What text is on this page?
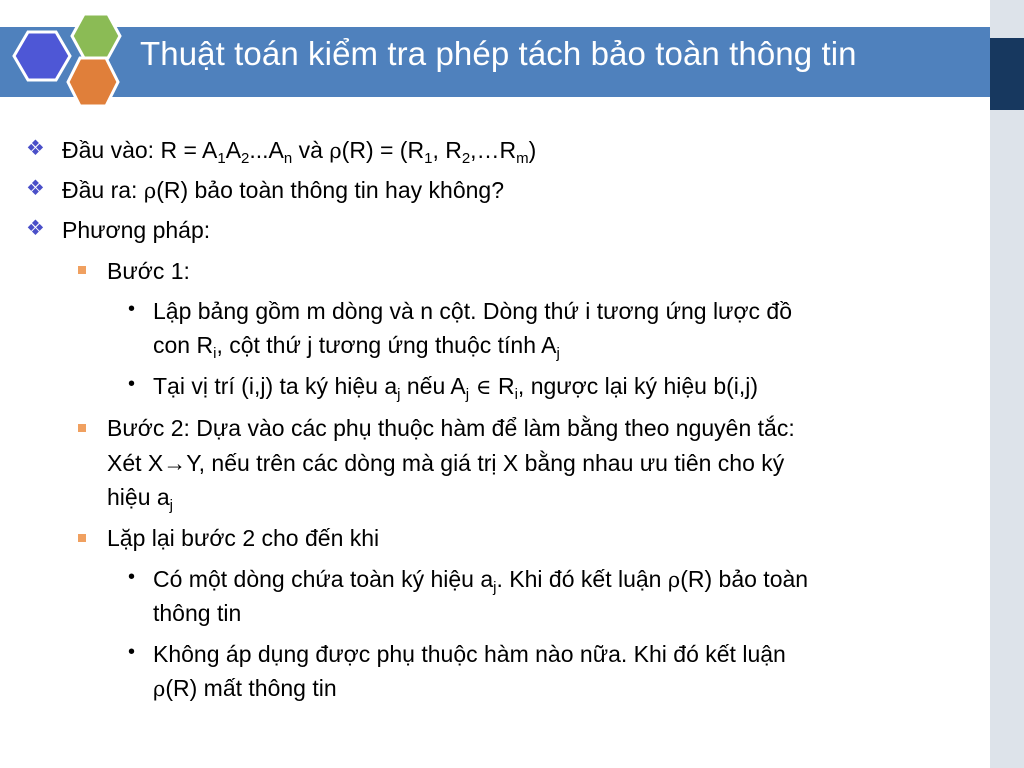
Thuật toán kiểm tra phép tách bảo toàn thông tin
❖ Đầu vào: $R = A_1A_2...A_n$ và $\rho(R) = (R_1$, $R_2,\dots R_m$)
❖ Đầu ra: ρ(R) bảo toàn thông tin hay không?
❖ Phương pháp:
Bước 1:
• Lập bảng gồm m dòng và n cột. Dòng thứ i tương ứng lược đồ
con $R_i$, cột thứ j tương ứng thuộc tính $A_j$
• Tại vị trí (i,j) ta ký hiệu $a_j$ nếu $A_j$ ∈ $R_i$, ngược lại ký hiệu b(i,j)
Bước 2: Dựa vào các phụ thuộc hàm để làm bằng theo nguyên tắc:
Xét X→Y, nếu trên các dòng mà giá trị X bằng nhau ưu tiên cho ký
hiệu $a_j$
Lặp lại bước 2 cho đến khi
• Có một dòng chứa toàn ký hiệu $a_j$. Khi đó kết luận ρ(R) bảo toàn
thông tin
• Không áp dụng được phụ thuộc hàm nào nữa. Khi đó kết luận
ρ(R) mất thông tin
